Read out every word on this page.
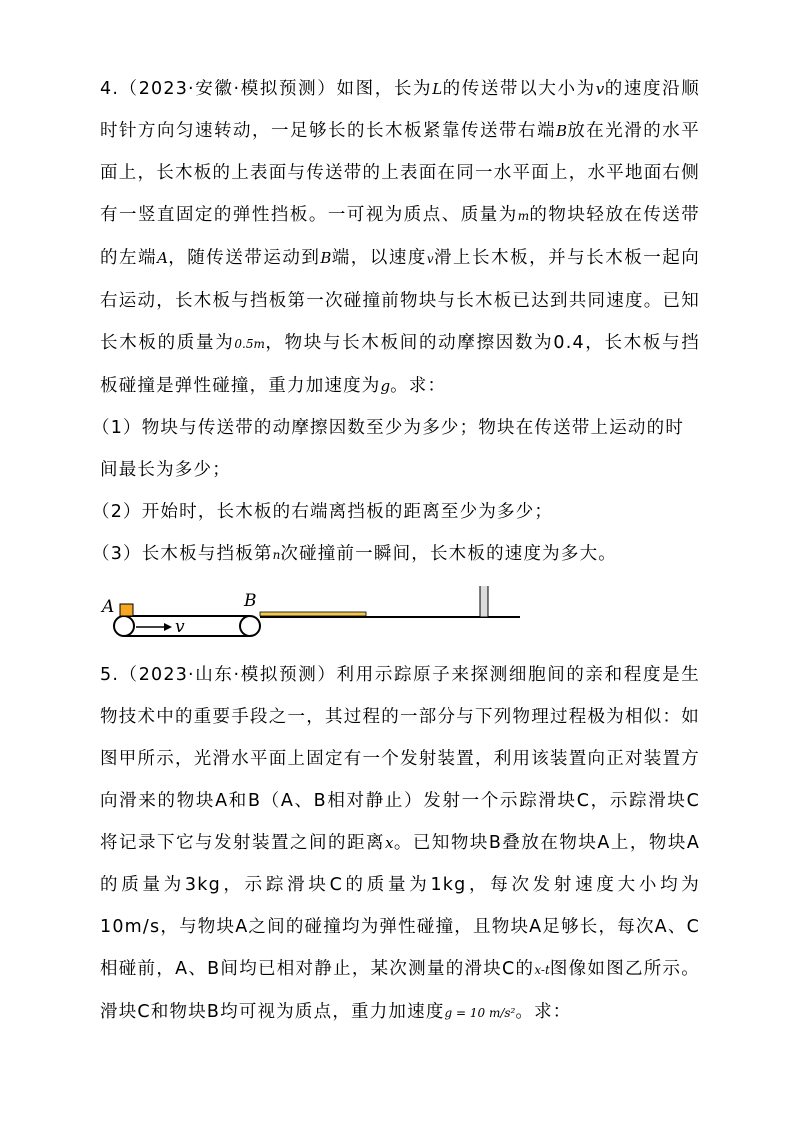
4.（2023·安徽·模拟预测）如图，长为L的传送带以大小为v的速度沿顺时针方向匀速转动，一足够长的长木板紧靠传送带右端B放在光滑的水平面上，长木板的上表面与传送带的上表面在同一水平面上，水平地面右侧有一竖直固定的弹性挡板。一可视为质点、质量为m的物块轻放在传送带的左端A，随传送带运动到B端，以速度v滑上长木板，并与长木板一起向右运动，长木板与挡板第一次碰撞前物块与长木板已达到共同速度。已知长木板的质量为0.5m，物块与长木板间的动摩擦因数为0.4，长木板与挡板碰撞是弹性碰撞，重力加速度为g。求：

（1）物块与传送带的动摩擦因数至少为多少；物块在传送带上运动的时间最长为多少；

（2）开始时，长木板的右端离挡板的距离至少为多少；

（3）长木板与挡板第n次碰撞前一瞬间，长木板的速度为多大。

A
v
B

5.（2023·山东·模拟预测）利用示踪原子来探测细胞间的亲和程度是生物技术中的重要手段之一，其过程的一部分与下列物理过程极为相似：如图甲所示，光滑水平面上固定有一个发射装置，利用该装置向正对装置方向滑来的物块A和B（A、B相对静止）发射一个示踪滑块C，示踪滑块C将记录下它与发射装置之间的距离x。已知物块B叠放在物块A上，物块A的质量为3kg，示踪滑块C的质量为1kg，每次发射速度大小均为10m/s，与物块A之间的碰撞均为弹性碰撞，且物块A足够长，每次A、C相碰前，A、B间均已相对静止，某次测量的滑块C的x-t图像如图乙所示。滑块C和物块B均可视为质点，重力加速度g = 10 m/s²。求：
